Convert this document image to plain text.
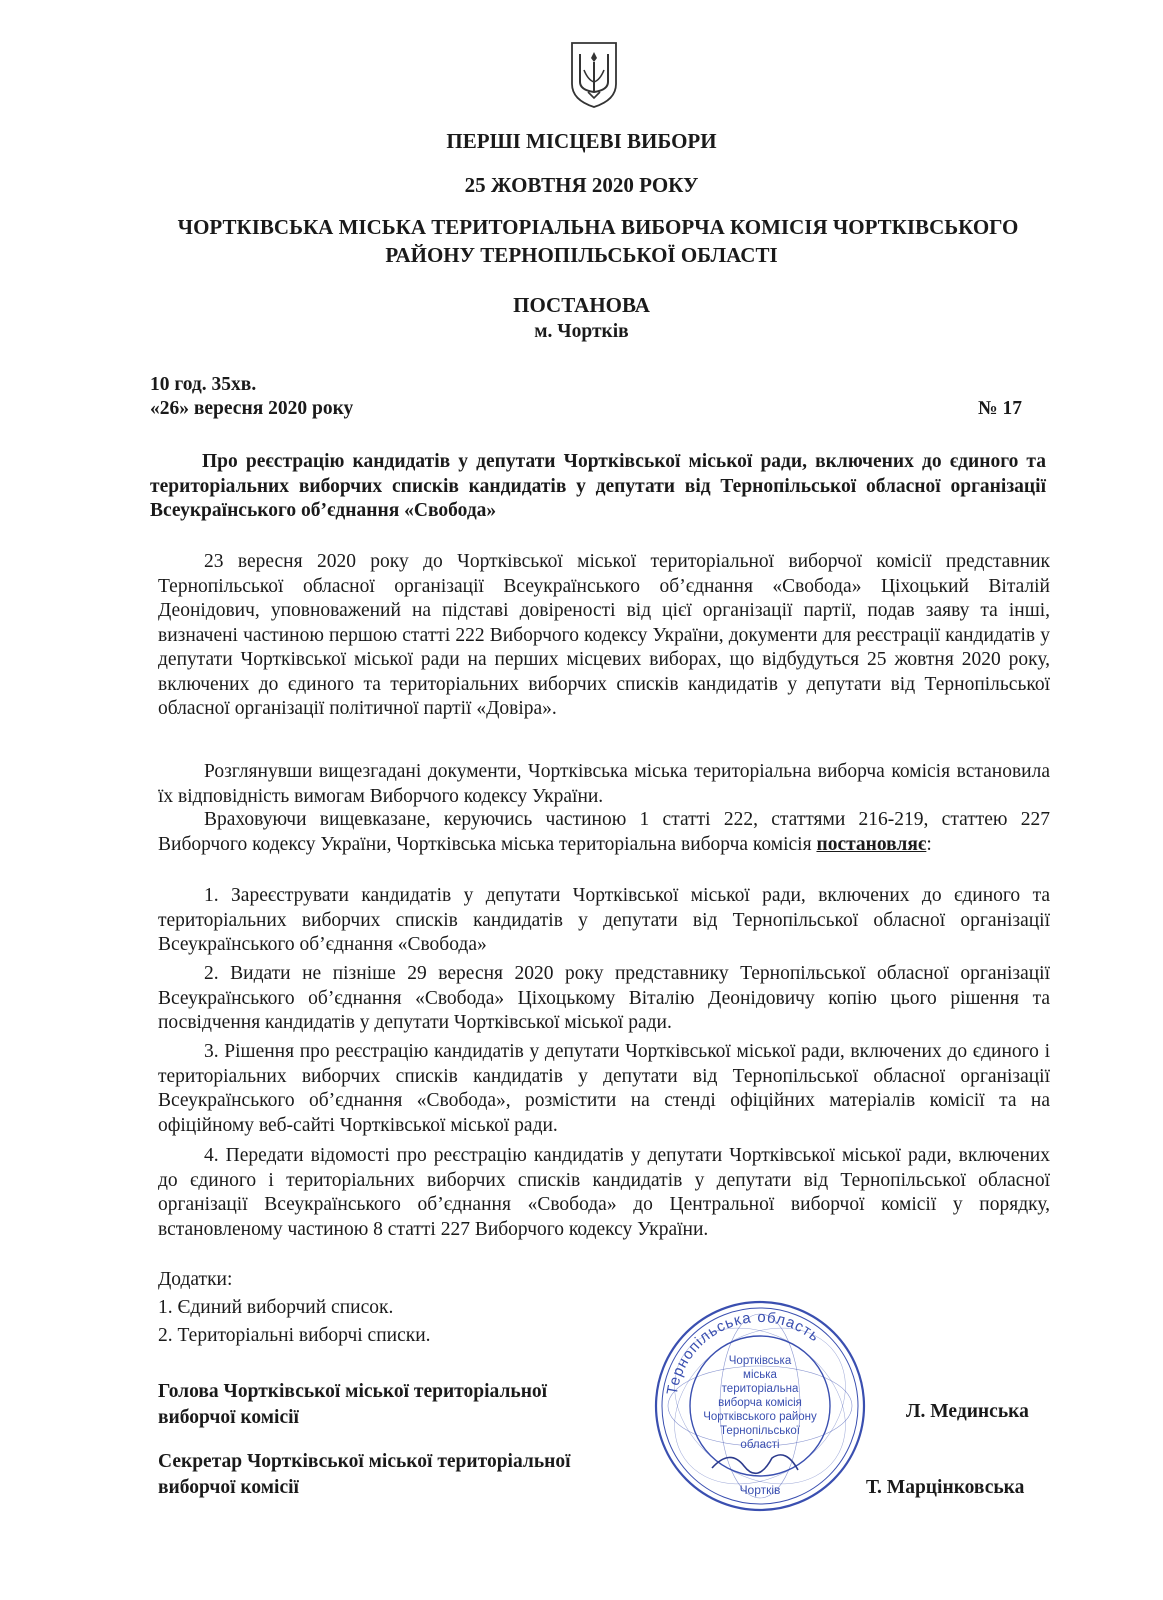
ПЕРШІ МІСЦЕВІ ВИБОРИ

25 ЖОВТНЯ 2020 РОКУ

ЧОРТКІВСЬКА МІСЬКА ТЕРИТОРІАЛЬНА ВИБОРЧА КОМІСІЯ ЧОРТКІВСЬКОГО

РАЙОНУ ТЕРНОПІЛЬСЬКОЇ ОБЛАСТІ

ПОСТАНОВА

м. Чортків

10 год. 35хв.

«26» вересня 2020 року	№ 17

Про реєстрацію кандидатів у депутати Чортківської міської ради, включених до єдиного та територіальних виборчих списків кандидатів у депутати від Тернопільської обласної організації Всеукраїнського об’єднання «Свобода»

23 вересня 2020 року до Чортківської міської територіальної виборчої комісії представник Тернопільської обласної організації Всеукраїнського об’єднання «Свобода» Ціхоцький Віталій Деонідович, уповноважений на підставі довіреності від цієї організації партії, подав заяву та інші, визначені частиною першою статті 222 Виборчого кодексу України, документи для реєстрації кандидатів у депутати Чортківської міської ради на перших місцевих виборах, що відбудуться 25 жовтня 2020 року, включених до єдиного та територіальних виборчих списків кандидатів у депутати від Тернопільської обласної організації політичної партії «Довіра».

Розглянувши вищезгадані документи, Чортківська міська територіальна виборча комісія встановила їх відповідність вимогам Виборчого кодексу України.

Враховуючи вищевказане, керуючись частиною 1 статті 222, статтями 216-219, статтею 227 Виборчого кодексу України, Чортківська міська територіальна виборча комісія постановляє:

1. Зареєструвати кандидатів у депутати Чортківської міської ради, включених до єдиного та територіальних виборчих списків кандидатів у депутати від Тернопільської обласної організації Всеукраїнського об’єднання «Свобода»

2. Видати не пізніше 29 вересня 2020 року представнику Тернопільської обласної організації Всеукраїнського об’єднання «Свобода» Ціхоцькому Віталію Деонідовичу копію цього рішення та посвідчення кандидатів у депутати Чортківської міської ради.

3. Рішення про реєстрацію кандидатів у депутати Чортківської міської ради, включених до єдиного і територіальних виборчих списків кандидатів у депутати від Тернопільської обласної організації Всеукраїнського об’єднання «Свобода», розмістити на стенді офіційних матеріалів комісії та на офіційному веб-сайті Чортківської міської ради.

4. Передати відомості про реєстрацію кандидатів у депутати Чортківської міської ради, включених до єдиного і територіальних виборчих списків кандидатів у депутати від Тернопільської обласної організації Всеукраїнського об’єднання «Свобода» до Центральної виборчої комісії у порядку, встановленому частиною 8 статті 227 Виборчого кодексу України.

Додатки:

1. Єдиний виборчий список.

2. Територіальні виборчі списки.

Голова Чортківської міської територіальної

виборчої комісії	Л. Мединська

Секретар Чортківської міської територіальної

виборчої комісії	Т. Марцінковська

Тернопільська область
Чортківська
міська
територіальна
виборча комісія
Чортківського району
Тернопільської
області
Чортків
